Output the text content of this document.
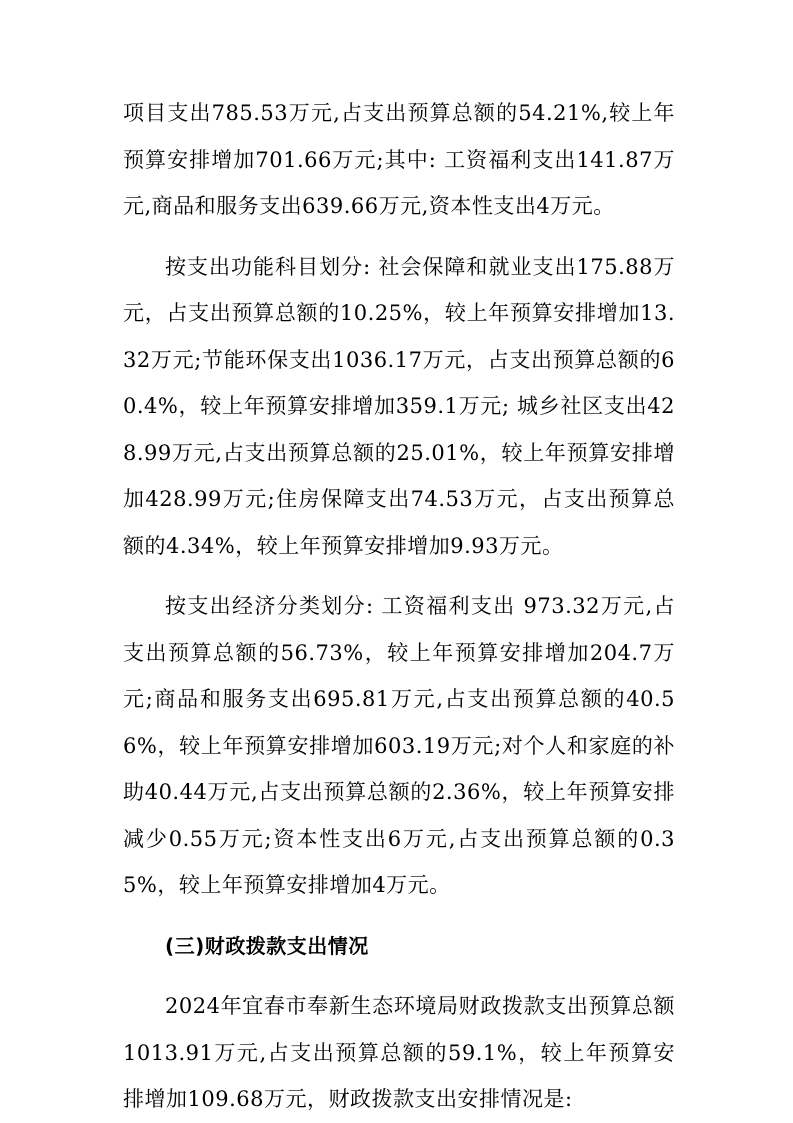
项目支出785.53万元,占支出预算总额的54.21%,较上年预算安排增加701.66万元;其中: 工资福利支出141.87万元,商品和服务支出639.66万元,资本性支出4万元。

按支出功能科目划分: 社会保障和就业支出175.88万元，占支出预算总额的10.25%，较上年预算安排增加13.32万元;节能环保支出1036.17万元，占支出预算总额的60.4%，较上年预算安排增加359.1万元; 城乡社区支出428.99万元,占支出预算总额的25.01%，较上年预算安排增加428.99万元;住房保障支出74.53万元，占支出预算总额的4.34%，较上年预算安排增加9.93万元。

按支出经济分类划分: 工资福利支出 973.32万元,占支出预算总额的56.73%，较上年预算安排增加204.7万元;商品和服务支出695.81万元,占支出预算总额的40.56%，较上年预算安排增加603.19万元;对个人和家庭的补助40.44万元,占支出预算总额的2.36%，较上年预算安排减少0.55万元;资本性支出6万元,占支出预算总额的0.35%，较上年预算安排增加4万元。

(三)财政拨款支出情况

2024年宜春市奉新生态环境局财政拨款支出预算总额1013.91万元,占支出预算总额的59.1%，较上年预算安排增加109.68万元，财政拨款支出安排情况是:
